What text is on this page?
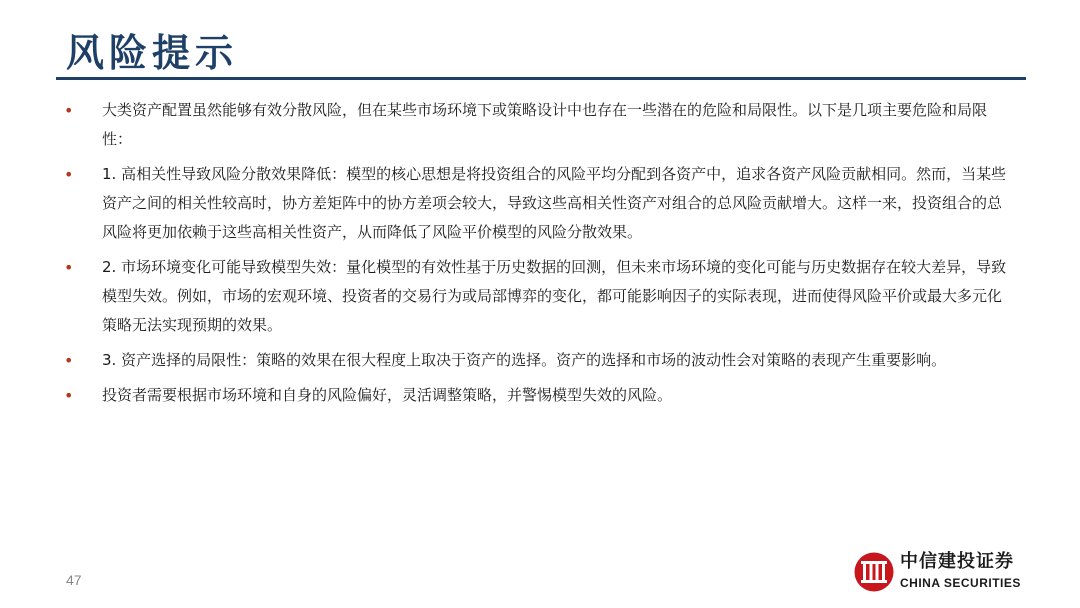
风险提示
• 大类资产配置虽然能够有效分散风险，但在某些市场环境下或策略设计中也存在一些潜在的危险和局限性。以下是几项主要危险和局限性：
• 1. 高相关性导致风险分散效果降低：模型的核心思想是将投资组合的风险平均分配到各资产中，追求各资产风险贡献相同。然而，当某些资产之间的相关性较高时，协方差矩阵中的协方差项会较大，导致这些高相关性资产对组合的总风险贡献增大。这样一来，投资组合的总风险将更加依赖于这些高相关性资产，从而降低了风险平价模型的风险分散效果。
• 2. 市场环境变化可能导致模型失效：量化模型的有效性基于历史数据的回测，但未来市场环境的变化可能与历史数据存在较大差异，导致模型失效。例如，市场的宏观环境、投资者的交易行为或局部博弈的变化，都可能影响因子的实际表现，进而使得风险平价或最大多元化策略无法实现预期的效果。
• 3. 资产选择的局限性：策略的效果在很大程度上取决于资产的选择。资产的选择和市场的波动性会对策略的表现产生重要影响。
• 投资者需要根据市场环境和自身的风险偏好，灵活调整策略，并警惕模型失效的风险。
47
中信建投证券
CHINA SECURITIES
